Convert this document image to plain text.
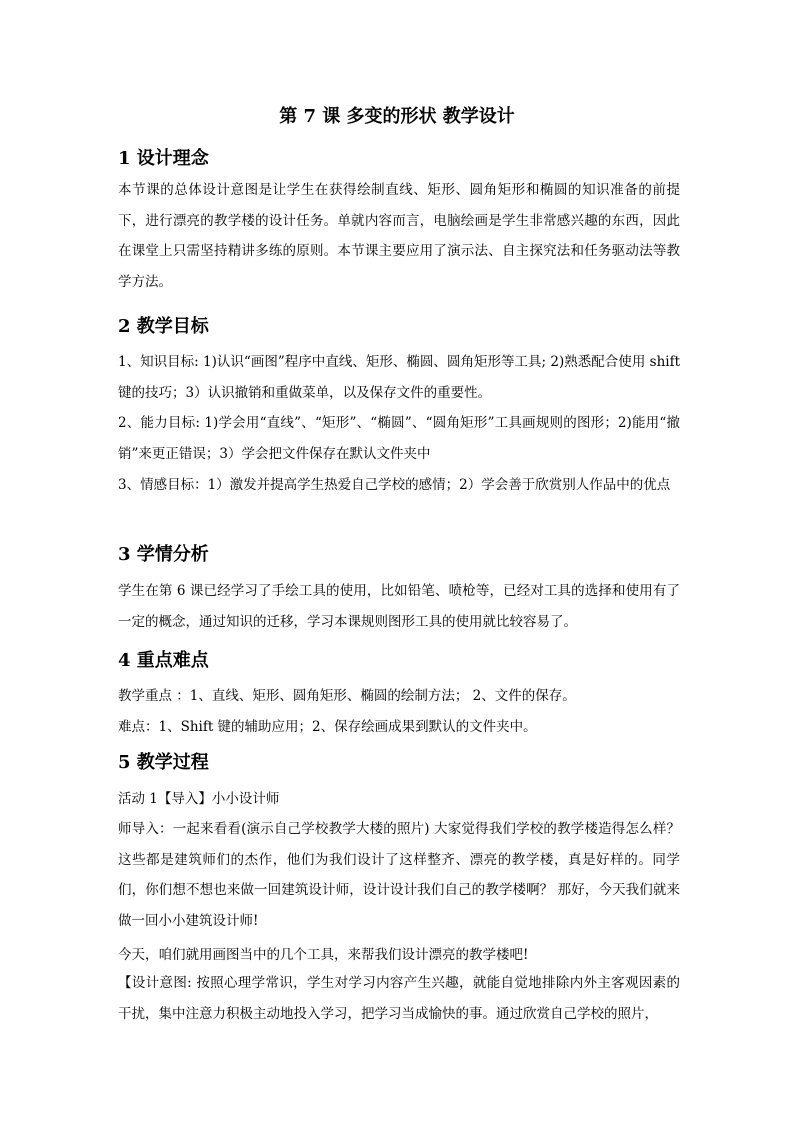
第 7 课 多变的形状 教学设计
1 设计理念
本节课的总体设计意图是让学生在获得绘制直线、矩形、圆角矩形和椭圆的知识准备的前提下，进行漂亮的教学楼的设计任务。单就内容而言，电脑绘画是学生非常感兴趣的东西，因此在课堂上只需坚持精讲多练的原则。本节课主要应用了演示法、自主探究法和任务驱动法等教学方法。
2 教学目标
1、知识目标: 1)认识“画图”程序中直线、矩形、椭圆、圆角矩形等工具; 2)熟悉配合使用 shift 键的技巧；3）认识撤销和重做菜单，以及保存文件的重要性。
2、能力目标: 1)学会用“直线”、“矩形”、“椭圆”、“圆角矩形”工具画规则的图形；2)能用“撤销”来更正错误；3）学会把文件保存在默认文件夹中
3、情感目标：1）激发并提高学生热爱自己学校的感情；2）学会善于欣赏别人作品中的优点
3 学情分析
学生在第 6 课已经学习了手绘工具的使用，比如铅笔、喷枪等，已经对工具的选择和使用有了一定的概念，通过知识的迁移，学习本课规则图形工具的使用就比较容易了。
4 重点难点
教学重点 ：1、直线、矩形、圆角矩形、椭圆的绘制方法； 2、文件的保存。
难点：1、Shift 键的辅助应用；2、保存绘画成果到默认的文件夹中。
5 教学过程
活动 1【导入】小小设计师
师导入：一起来看看(演示自己学校教学大楼的照片) 大家觉得我们学校的教学楼造得怎么样？ 这些都是建筑师们的杰作，他们为我们设计了这样整齐、漂亮的教学楼，真是好样的。同学们，你们想不想也来做一回建筑设计师，设计设计我们自己的教学楼啊？ 那好，今天我们就来做一回小小建筑设计师!
今天，咱们就用画图当中的几个工具，来帮我们设计漂亮的教学楼吧!
【设计意图: 按照心理学常识，学生对学习内容产生兴趣，就能自觉地排除内外主客观因素的干扰，集中注意力积极主动地投入学习，把学习当成愉快的事。通过欣赏自己学校的照片，
